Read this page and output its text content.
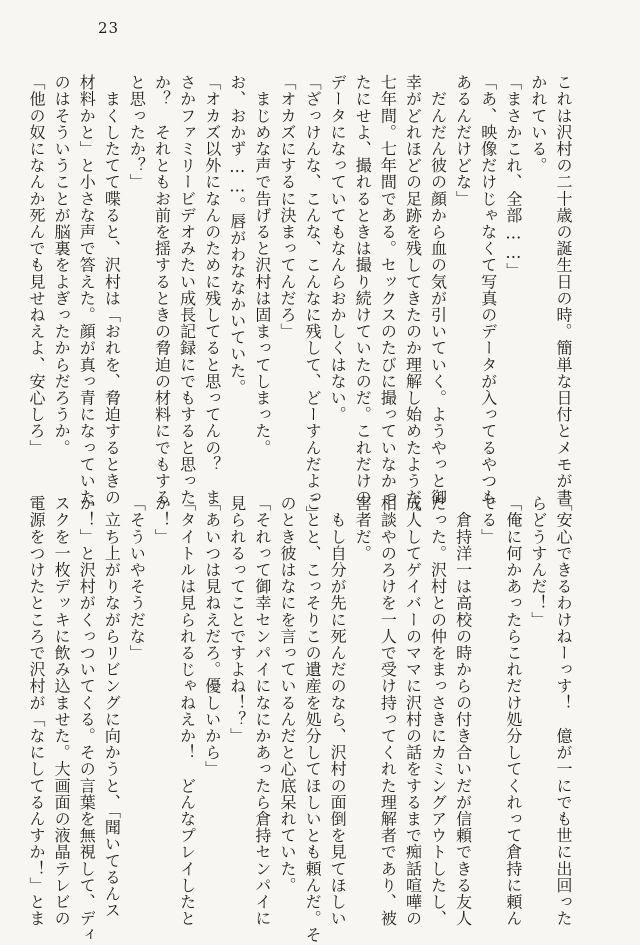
23
これは沢村の二十歳の誕生日の時。簡単な日付とメモが書
かれている。
「まさかこれ、全部……」
「あ、映像だけじゃなくて写真のデータが入ってるやつも
あるんだけどな」
　だんだん彼の顔から血の気が引いていく。ようやっと御
幸がどれほどの足跡を残してきたのか理解し始めたようだ。
七年間。七年間である。セックスのたびに撮っていなかっ
たにせよ、撮れるときは撮り続けていたのだ。これだけの
データになっていてもなんらおかしくはない。
「ざっけんな、こんな、こんなに残して、どーすんだよっ」
「オカズにするに決まってんだろ」
　まじめな声で告げると沢村は固まってしまった。
お、おかず……。唇がわななかいていた。
「オカズ以外になんのために残してると思ってんの？　ま
さかファミリービデオみたい成長記録にでもすると思った
か？　それともお前を揺するときの脅迫の材料にでもする
と思ったか？」
　まくしたてて喋ると、沢村は「おれを、脅迫するときの
材料かと」と小さな声で答えた。顔が真っ青になっていた
のはそういうことが脳裏をよぎったからだろうか。
「他の奴になんか死んでも見せねえよ、安心しろ」
「安心できるわけねーっす！　億が一にでも世に出回った
らどうすんだ！」
「俺に何かあったらこれだけ処分してくれって倉持に頼ん
でる」
　倉持洋一は高校の時からの付き合いだが信頼できる友人
だった。沢村との仲をまっさきにカミングアウトしたし、
成人してゲイバーのママに沢村の話をするまで痴話喧嘩の
相談やのろけを一人で受け持ってくれた理解者であり、被
害者だ。
　もし自分が先に死んだのなら、沢村の面倒を見てほしい
ことと、こっそりこの遺産を処分してほしいとも頼んだ。そ
のとき彼はなにを言っているんだと心底呆れていた。
「それって御幸センパイになにかあったら倉持センパイに
見られるってことですよね！？」
「あいつは見ねえだろ。優しいから」
「タイトルは見られるじゃねえか！　どんなプレイしたと
か！」
「そういやそうだな」
　立ち上がりながらリビングに向かうと、「聞いてるんス
か！」と沢村がくっついてくる。その言葉を無視して、ディ
スクを一枚デッキに飲み込ませた。大画面の液晶テレビの
電源をつけたところで沢村が「なにしてるんすか！」とま
